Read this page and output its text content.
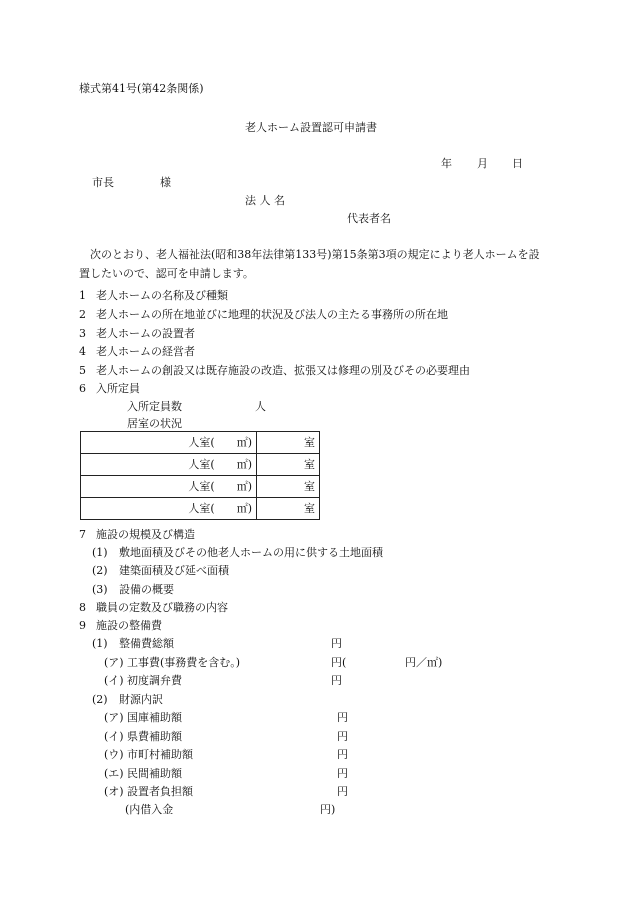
様式第41号(第42条関係)
老人ホーム設置認可申請書
年 月 日
市長	様
法 人 名
代表者名
次のとおり、老人福祉法(昭和38年法律第133号)第15条第3項の規定により老人ホームを設置したいので、認可を申請します。
1 老人ホームの名称及び種類
2 老人ホームの所在地並びに地理的状況及び法人の主たる事務所の所在地
3 老人ホームの設置者
4 老人ホームの経営者
5 老人ホームの創設又は既存施設の改造、拡張又は修理の別及びその必要理由
6 入所定員
入所定員数	人
居室の状況
人室(　　㎡)	室
人室(　　㎡)	室
人室(　　㎡)	室
人室(　　㎡)	室
7 施設の規模及び構造
(1) 敷地面積及びその他老人ホームの用に供する土地面積
(2) 建築面積及び延べ面積
(3) 設備の概要
8 職員の定数及び職務の内容
9 施設の整備費
(1) 整備費総額	円
(ア) 工事費(事務費を含む。)	円(	円／㎡)
(イ) 初度調弁費	円
(2) 財源内訳
(ア) 国庫補助額	円
(イ) 県費補助額	円
(ウ) 市町村補助額	円
(エ) 民間補助額	円
(オ) 設置者負担額	円
(内借入金	円)
